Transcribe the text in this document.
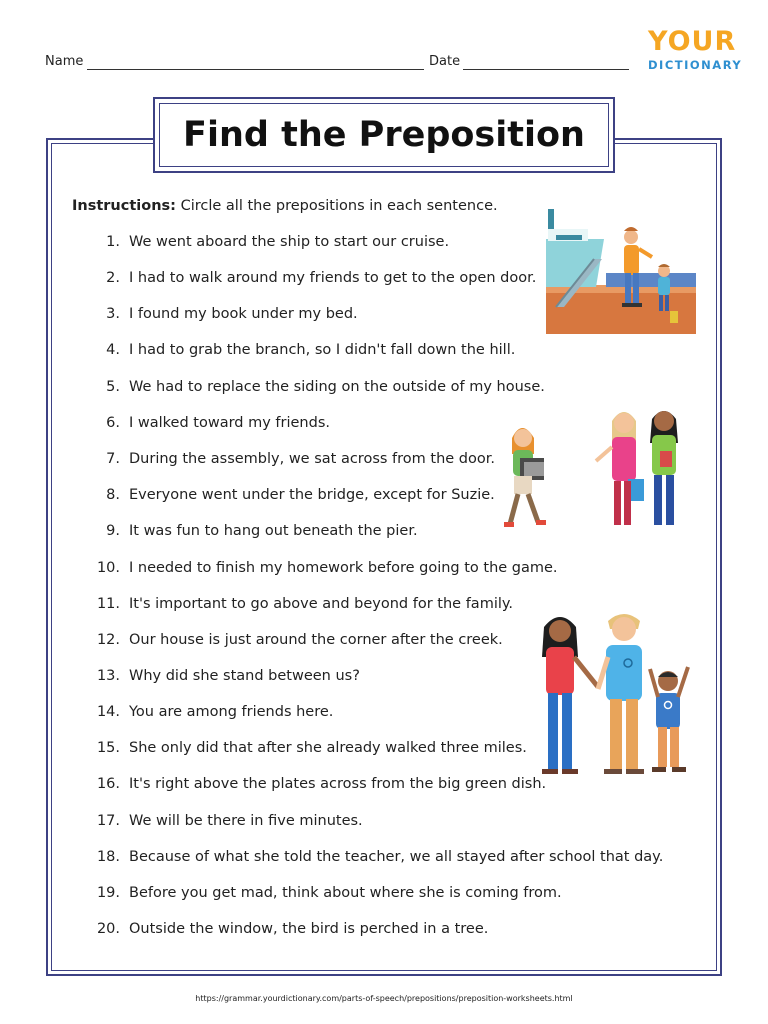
Name	Date
YOUR
DICTIONARY
Find the Preposition
Instructions: Circle all the prepositions in each sentence.
1. We went aboard the ship to start our cruise.
2. I had to walk around my friends to get to the open door.
3. I found my book under my bed.
4. I had to grab the branch, so I didn't fall down the hill.
5. We had to replace the siding on the outside of my house.
6. I walked toward my friends.
7. During the assembly, we sat across from the door.
8. Everyone went under the bridge, except for Suzie.
9. It was fun to hang out beneath the pier.
10. I needed to finish my homework before going to the game.
11. It's important to go above and beyond for the family.
12. Our house is just around the corner after the creek.
13. Why did she stand between us?
14. You are among friends here.
15. She only did that after she already walked three miles.
16. It's right above the plates across from the big green dish.
17. We will be there in five minutes.
18. Because of what she told the teacher, we all stayed after school that day.
19. Before you get mad, think about where she is coming from.
20. Outside the window, the bird is perched in a tree.
https://grammar.yourdictionary.com/parts-of-speech/prepositions/preposition-worksheets.html
